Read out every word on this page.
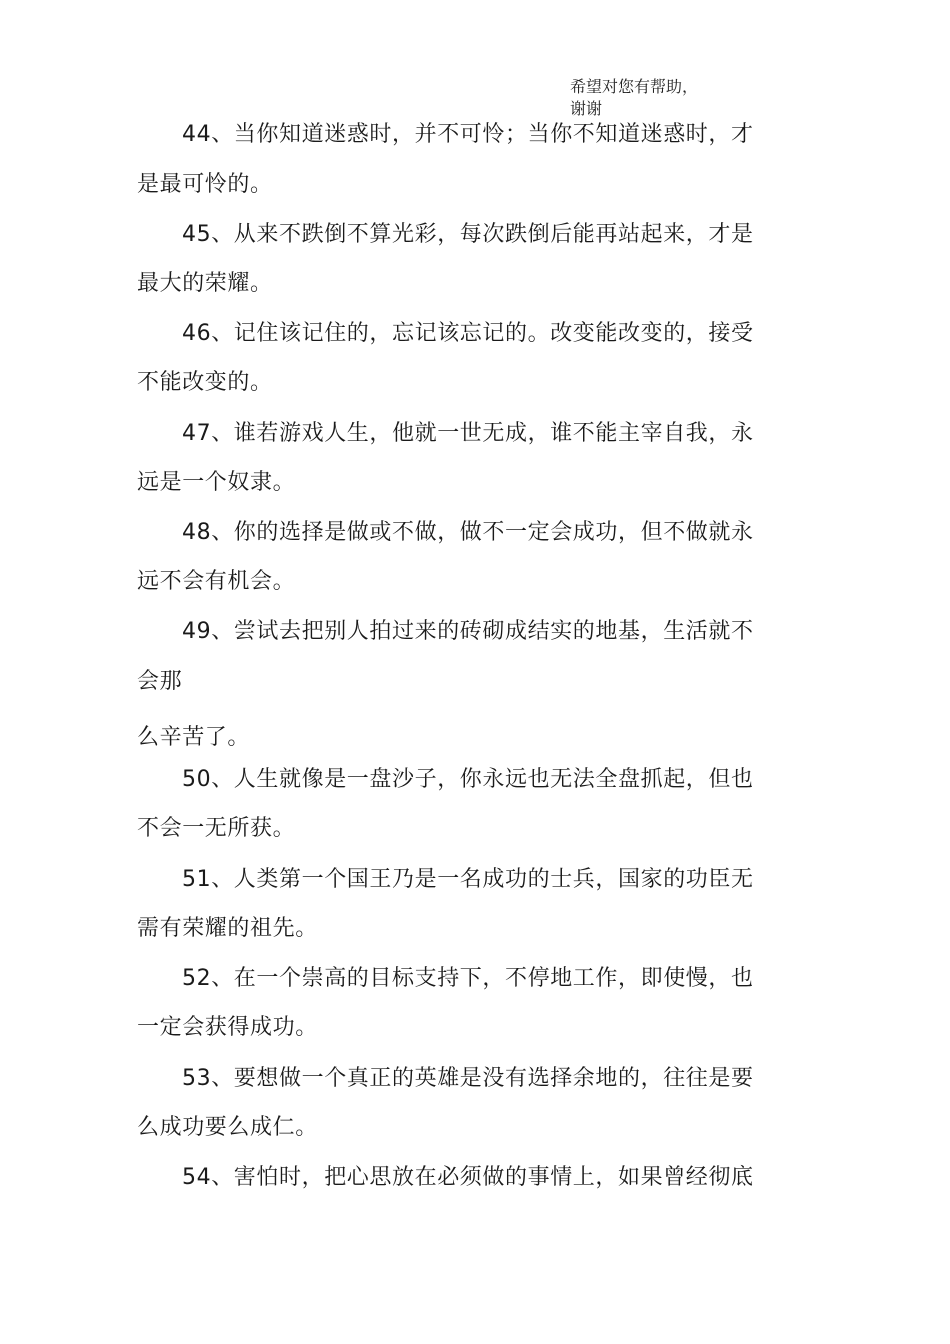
希望对您有帮助，
谢谢
44、当你知道迷惑时，并不可怜；当你不知道迷惑时，才
是最可怜的。
45、从来不跌倒不算光彩，每次跌倒后能再站起来，才是
最大的荣耀。
46、记住该记住的，忘记该忘记的。改变能改变的，接受
不能改变的。
47、谁若游戏人生，他就一世无成，谁不能主宰自我，永
远是一个奴隶。
48、你的选择是做或不做，做不一定会成功，但不做就永
远不会有机会。
49、尝试去把别人拍过来的砖砌成结实的地基，生活就不
会那
么辛苦了。
50、人生就像是一盘沙子，你永远也无法全盘抓起，但也
不会一无所获。
51、人类第一个国王乃是一名成功的士兵，国家的功臣无
需有荣耀的祖先。
52、在一个崇高的目标支持下，不停地工作，即使慢，也
一定会获得成功。
53、要想做一个真正的英雄是没有选择余地的，往往是要
么成功要么成仁。
54、害怕时，把心思放在必须做的事情上，如果曾经彻底
